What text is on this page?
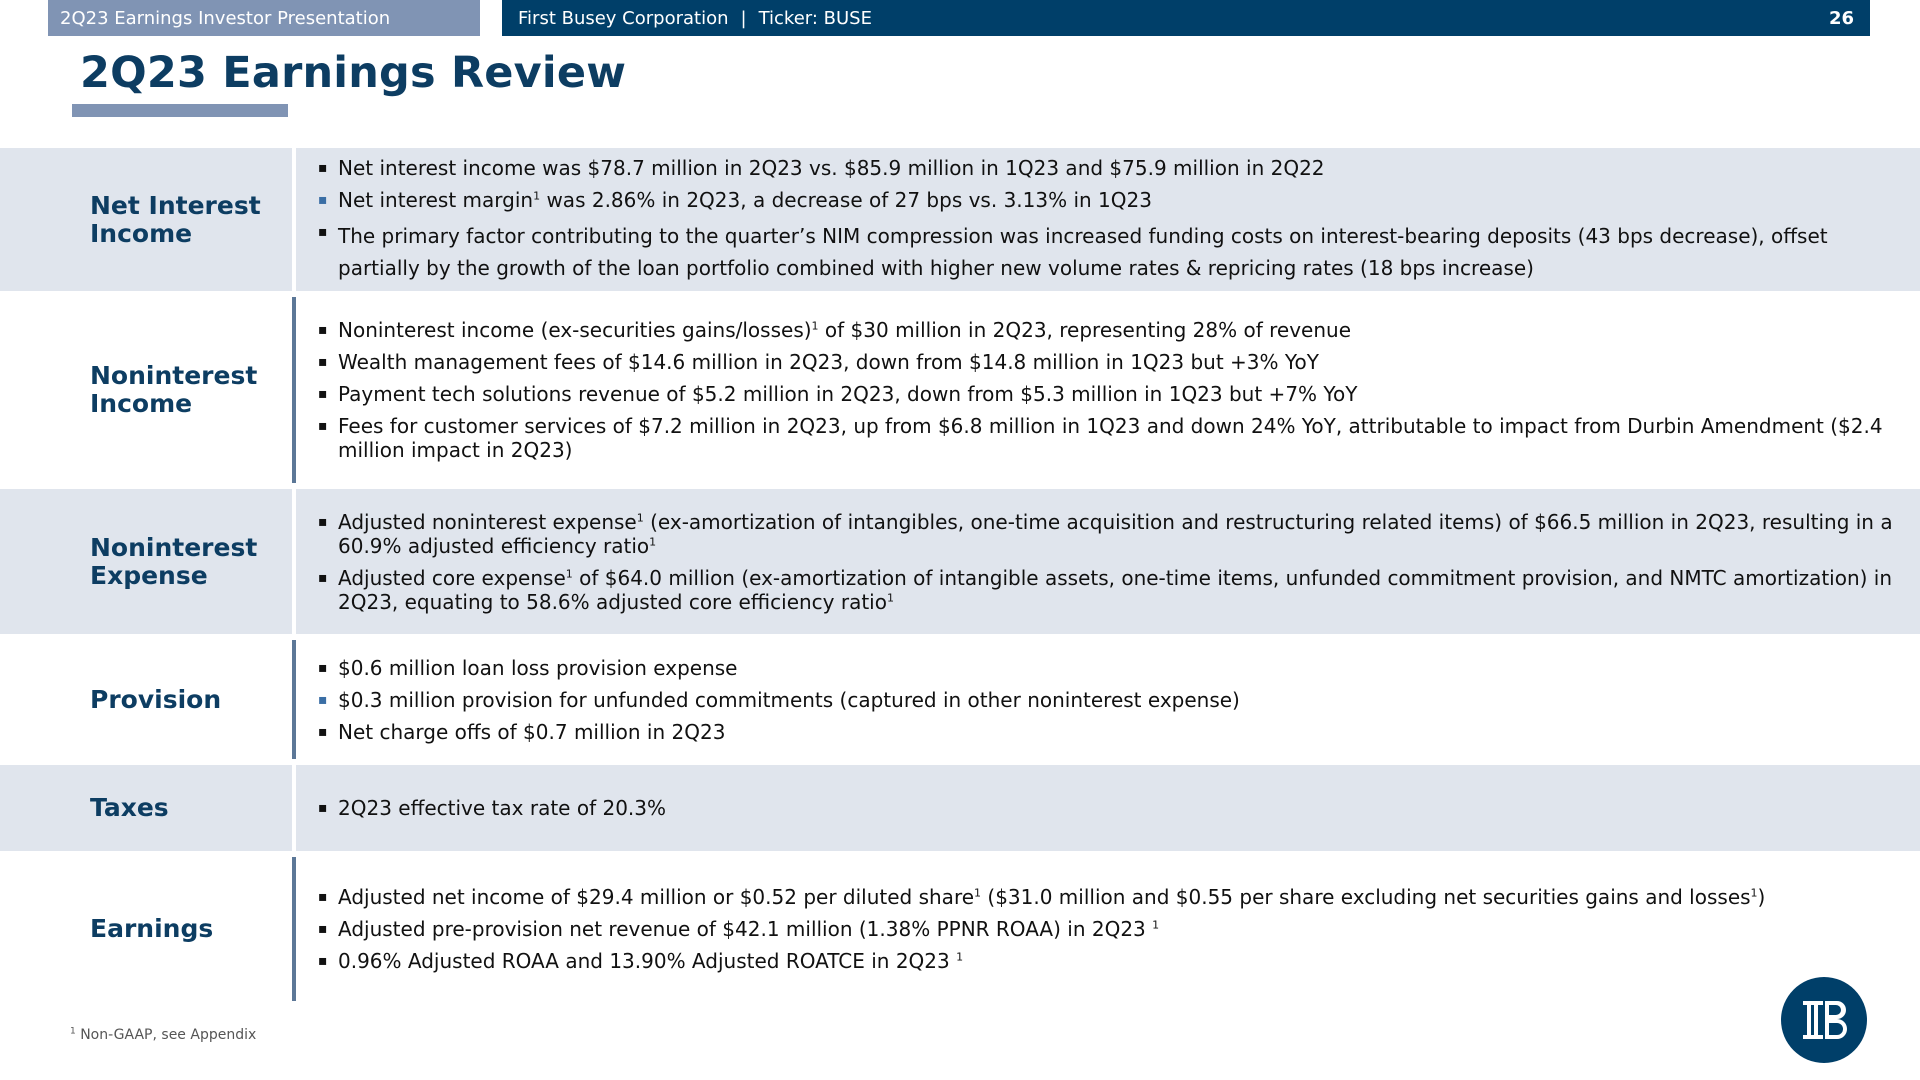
2Q23 Earnings Investor Presentation	First Busey Corporation | Ticker: BUSE	26
2Q23 Earnings Review
Net Interest
Income
▪ Net interest income was $78.7 million in 2Q23 vs. $85.9 million in 1Q23 and $75.9 million in 2Q22
▪ Net interest margin$^1$ was 2.86% in 2Q23, a decrease of 27 bps vs. 3.13% in 1Q23
▪ The primary factor contributing to the quarter’s NIM compression was increased funding costs on interest-bearing deposits (43 bps decrease), offset partially by the growth of the loan portfolio combined with higher new volume rates & repricing rates (18 bps increase)
Noninterest
Income
▪ Noninterest income (ex-securities gains/losses)$^1$ of $30 million in 2Q23, representing 28% of revenue
▪ Wealth management fees of $14.6 million in 2Q23, down from $14.8 million in 1Q23 but +3% YoY
▪ Payment tech solutions revenue of $5.2 million in 2Q23, down from $5.3 million in 1Q23 but +7% YoY
▪ Fees for customer services of $7.2 million in 2Q23, up from $6.8 million in 1Q23 and down 24% YoY, attributable to impact from Durbin Amendment ($2.4 million impact in 2Q23)
Noninterest
Expense
▪ Adjusted noninterest expense$^1$ (ex-amortization of intangibles, one-time acquisition and restructuring related items) of $66.5 million in 2Q23, resulting in a 60.9% adjusted efficiency ratio$^1$
▪ Adjusted core expense$^1$ of $64.0 million (ex-amortization of intangible assets, one-time items, unfunded commitment provision, and NMTC amortization) in 2Q23, equating to 58.6% adjusted core efficiency ratio$^1$
Provision
▪ $0.6 million loan loss provision expense
▪ $0.3 million provision for unfunded commitments (captured in other noninterest expense)
▪ Net charge offs of $0.7 million in 2Q23
Taxes	▪ 2Q23 effective tax rate of 20.3%
Earnings
▪ Adjusted net income of $29.4 million or $0.52 per diluted share$^1$ ($31.0 million and $0.55 per share excluding net securities gains and losses$^1$)
▪ Adjusted pre-provision net revenue of $42.1 million (1.38% PPNR ROAA) in 2Q23 $^1$
▪ 0.96% Adjusted ROAA and 13.90% Adjusted ROATCE in 2Q23 $^1$
$^1$ Non-GAAP, see Appendix
